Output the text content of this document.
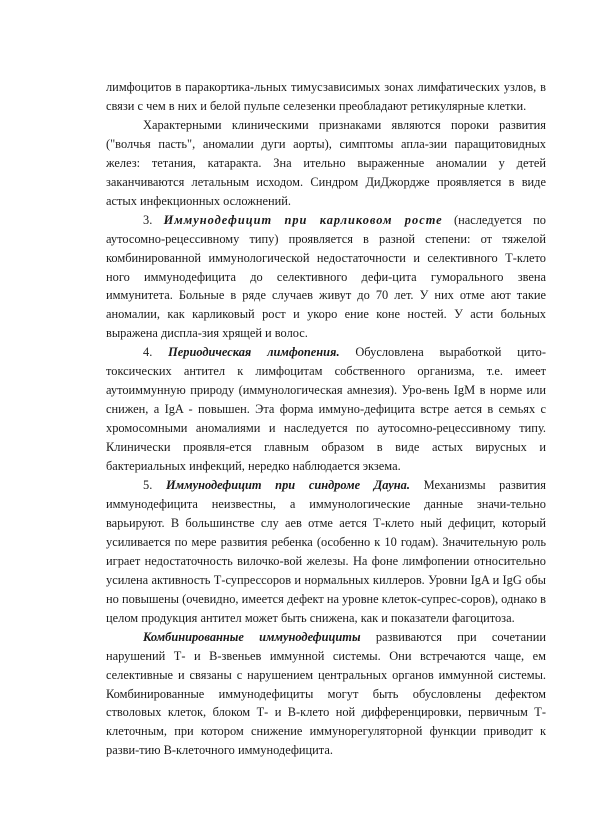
лимфоцитов в паракортика-льных тимусзависимых зонах лимфатических узлов, в связи с чем в них и белой пульпе селезенки преобладают ретикулярные клетки.

Характерными клиническими признаками являются пороки развития ("волчья пасть", аномалии дуги аорты), симптомы апла-зии паращитовидных желез: тетания, катаракта. Зна ительно выраженные аномалии у детей заканчиваются летальным исходом. Синдром ДиДжордже проявляется в виде астых инфекционных осложнений.

3. Иммунодефицит при карликовом росте (наследуется по аутосомно-рецессивному типу) проявляется в разной степени: от тяжелой комбинированной иммунологической недостаточности и селективного Т-клето ного иммунодефицита до селективного дефи-цита гуморального звена иммунитета. Больные в ряде случаев живут до 70 лет. У них отме ают такие аномалии, как карликовый рост и укоро ение коне ностей. У асти больных выражена диспла-зия хрящей и волос.

4. Периодическая лимфопения. Обусловлена выработкой цито-токсических антител к лимфоцитам собственного организма, т.е. имеет аутоиммунную природу (иммунологическая амнезия). Уро-вень IgM в норме или снижен, а IgA - повышен. Эта форма иммуно-дефицита встре ается в семьях с хромосомными аномалиями и наследуется по аутосомно-рецессивному типу. Клинически проявля-ется главным образом в виде астых вирусных и бактериальных инфекций, нередко наблюдается экзема.

5. Иммунодефицит при синдроме Дауна. Механизмы развития иммунодефицита неизвестны, а иммунологические данные значи-тельно варьируют. В большинстве слу аев отме ается Т-клето ный дефицит, который усиливается по мере развития ребенка (особенно к 10 годам). Значительную роль играет недостаточность вилочко-вой железы. На фоне лимфопении относительно усилена активность Т-супрессоров и нормальных киллеров. Уровни IgA и IgG обы но повышены (очевидно, имеется дефект на уровне клеток-супрес-соров), однако в целом продукция антител может быть снижена, как и показатели фагоцитоза.

Комбинированные иммунодефициты развиваются при сочетании нарушений Т- и В-звеньев иммунной системы. Они встречаются чаще, ем селективные и связаны с нарушением центральных органов иммунной системы. Комбинированные иммунодефициты могут быть обусловлены дефектом стволовых клеток, блоком Т- и В-клето ной дифференцировки, первичным Т-клеточным, при котором снижение иммунорегуляторной функции приводит к разви-тию В-клеточного иммунодефицита.
